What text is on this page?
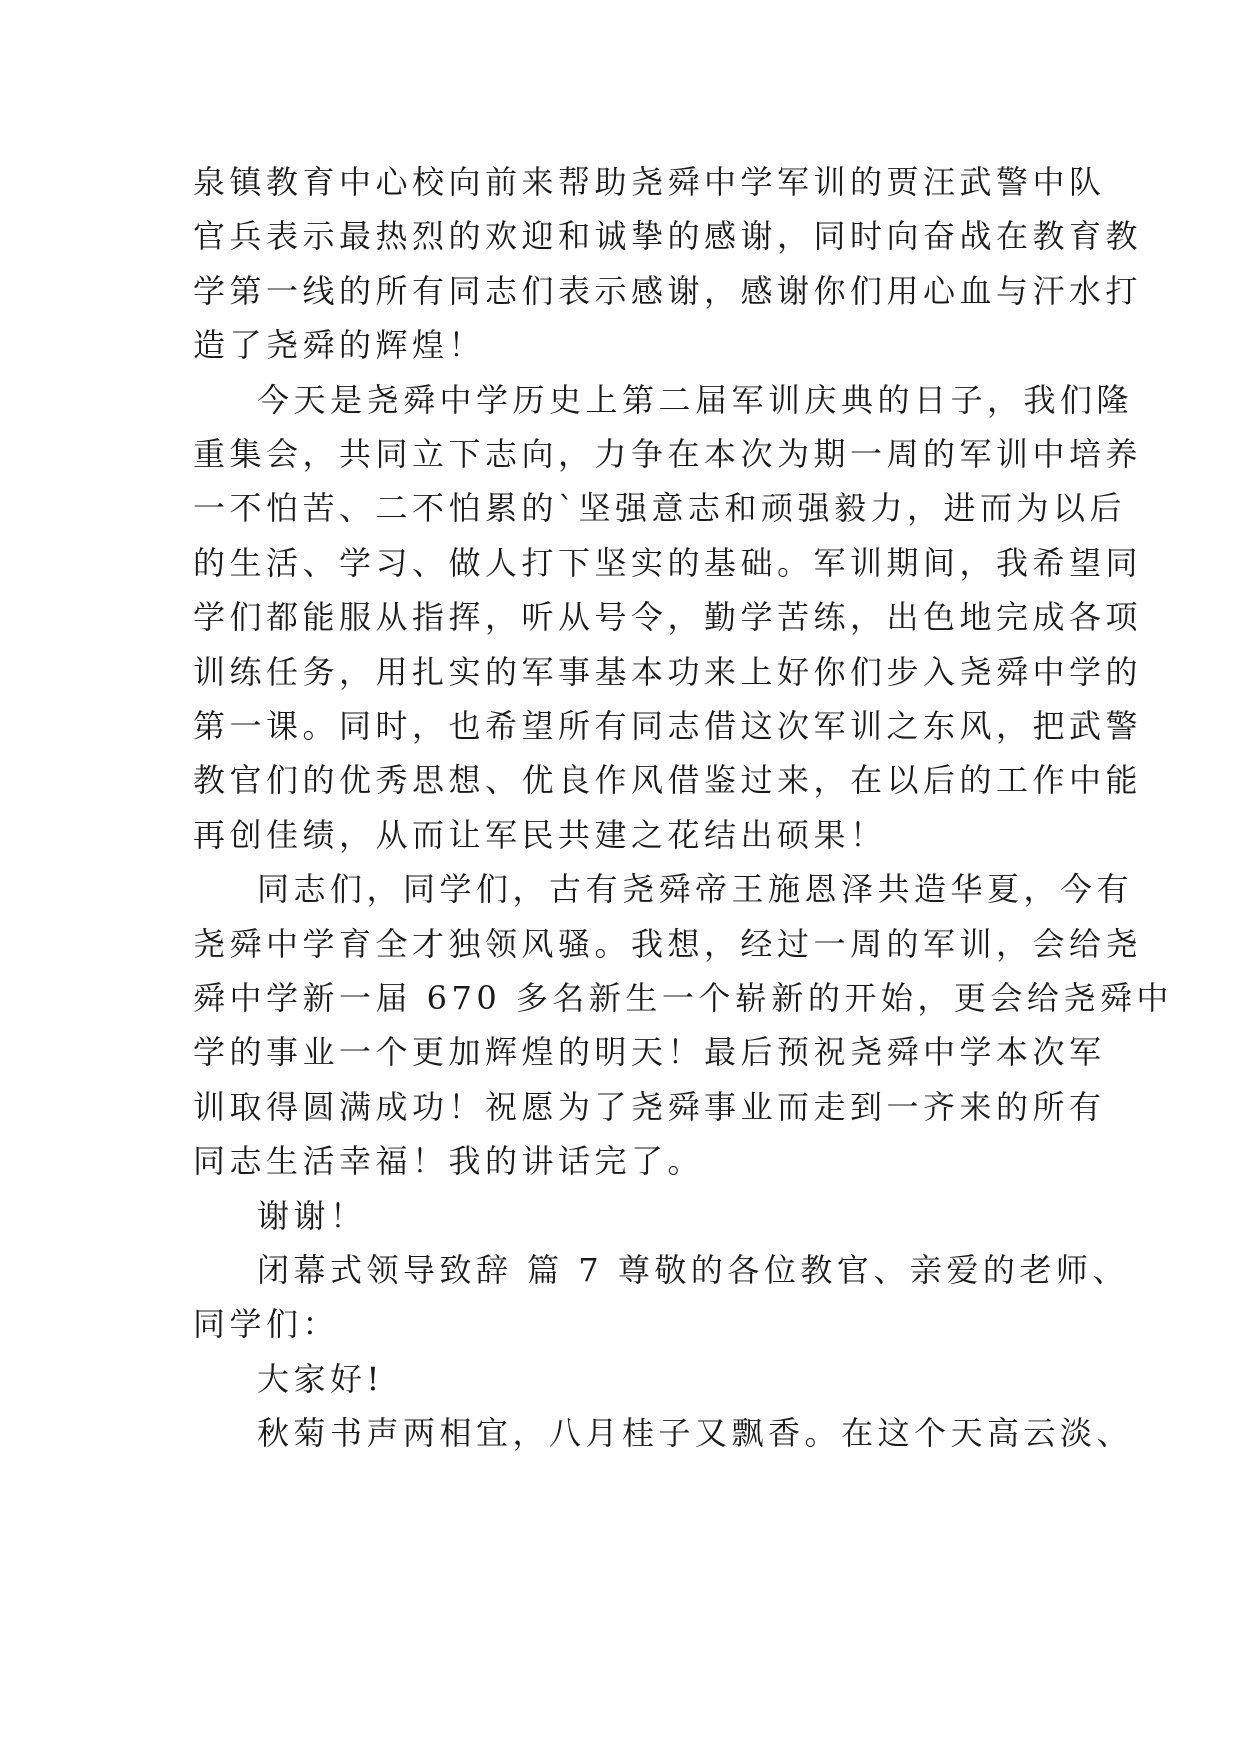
泉镇教育中心校向前来帮助尧舜中学军训的贾汪武警中队
官兵表示最热烈的欢迎和诚挚的感谢，同时向奋战在教育教
学第一线的所有同志们表示感谢，感谢你们用心血与汗水打
造了尧舜的辉煌！
今天是尧舜中学历史上第二届军训庆典的日子，我们隆
重集会，共同立下志向，力争在本次为期一周的军训中培养
一不怕苦、二不怕累的`坚强意志和顽强毅力，进而为以后
的生活、学习、做人打下坚实的基础。军训期间，我希望同
学们都能服从指挥，听从号令，勤学苦练，出色地完成各项
训练任务，用扎实的军事基本功来上好你们步入尧舜中学的
第一课。同时，也希望所有同志借这次军训之东风，把武警
教官们的优秀思想、优良作风借鉴过来，在以后的工作中能
再创佳绩，从而让军民共建之花结出硕果！
同志们，同学们，古有尧舜帝王施恩泽共造华夏，今有
尧舜中学育全才独领风骚。我想，经过一周的军训，会给尧
舜中学新一届 670 多名新生一个崭新的开始，更会给尧舜中
学的事业一个更加辉煌的明天！最后预祝尧舜中学本次军
训取得圆满成功！祝愿为了尧舜事业而走到一齐来的所有
同志生活幸福！我的讲话完了。
谢谢！
闭幕式领导致辞 篇 7 尊敬的各位教官、亲爱的老师、
同学们：
大家好!
秋菊书声两相宜，八月桂子又飘香。在这个天高云淡、
